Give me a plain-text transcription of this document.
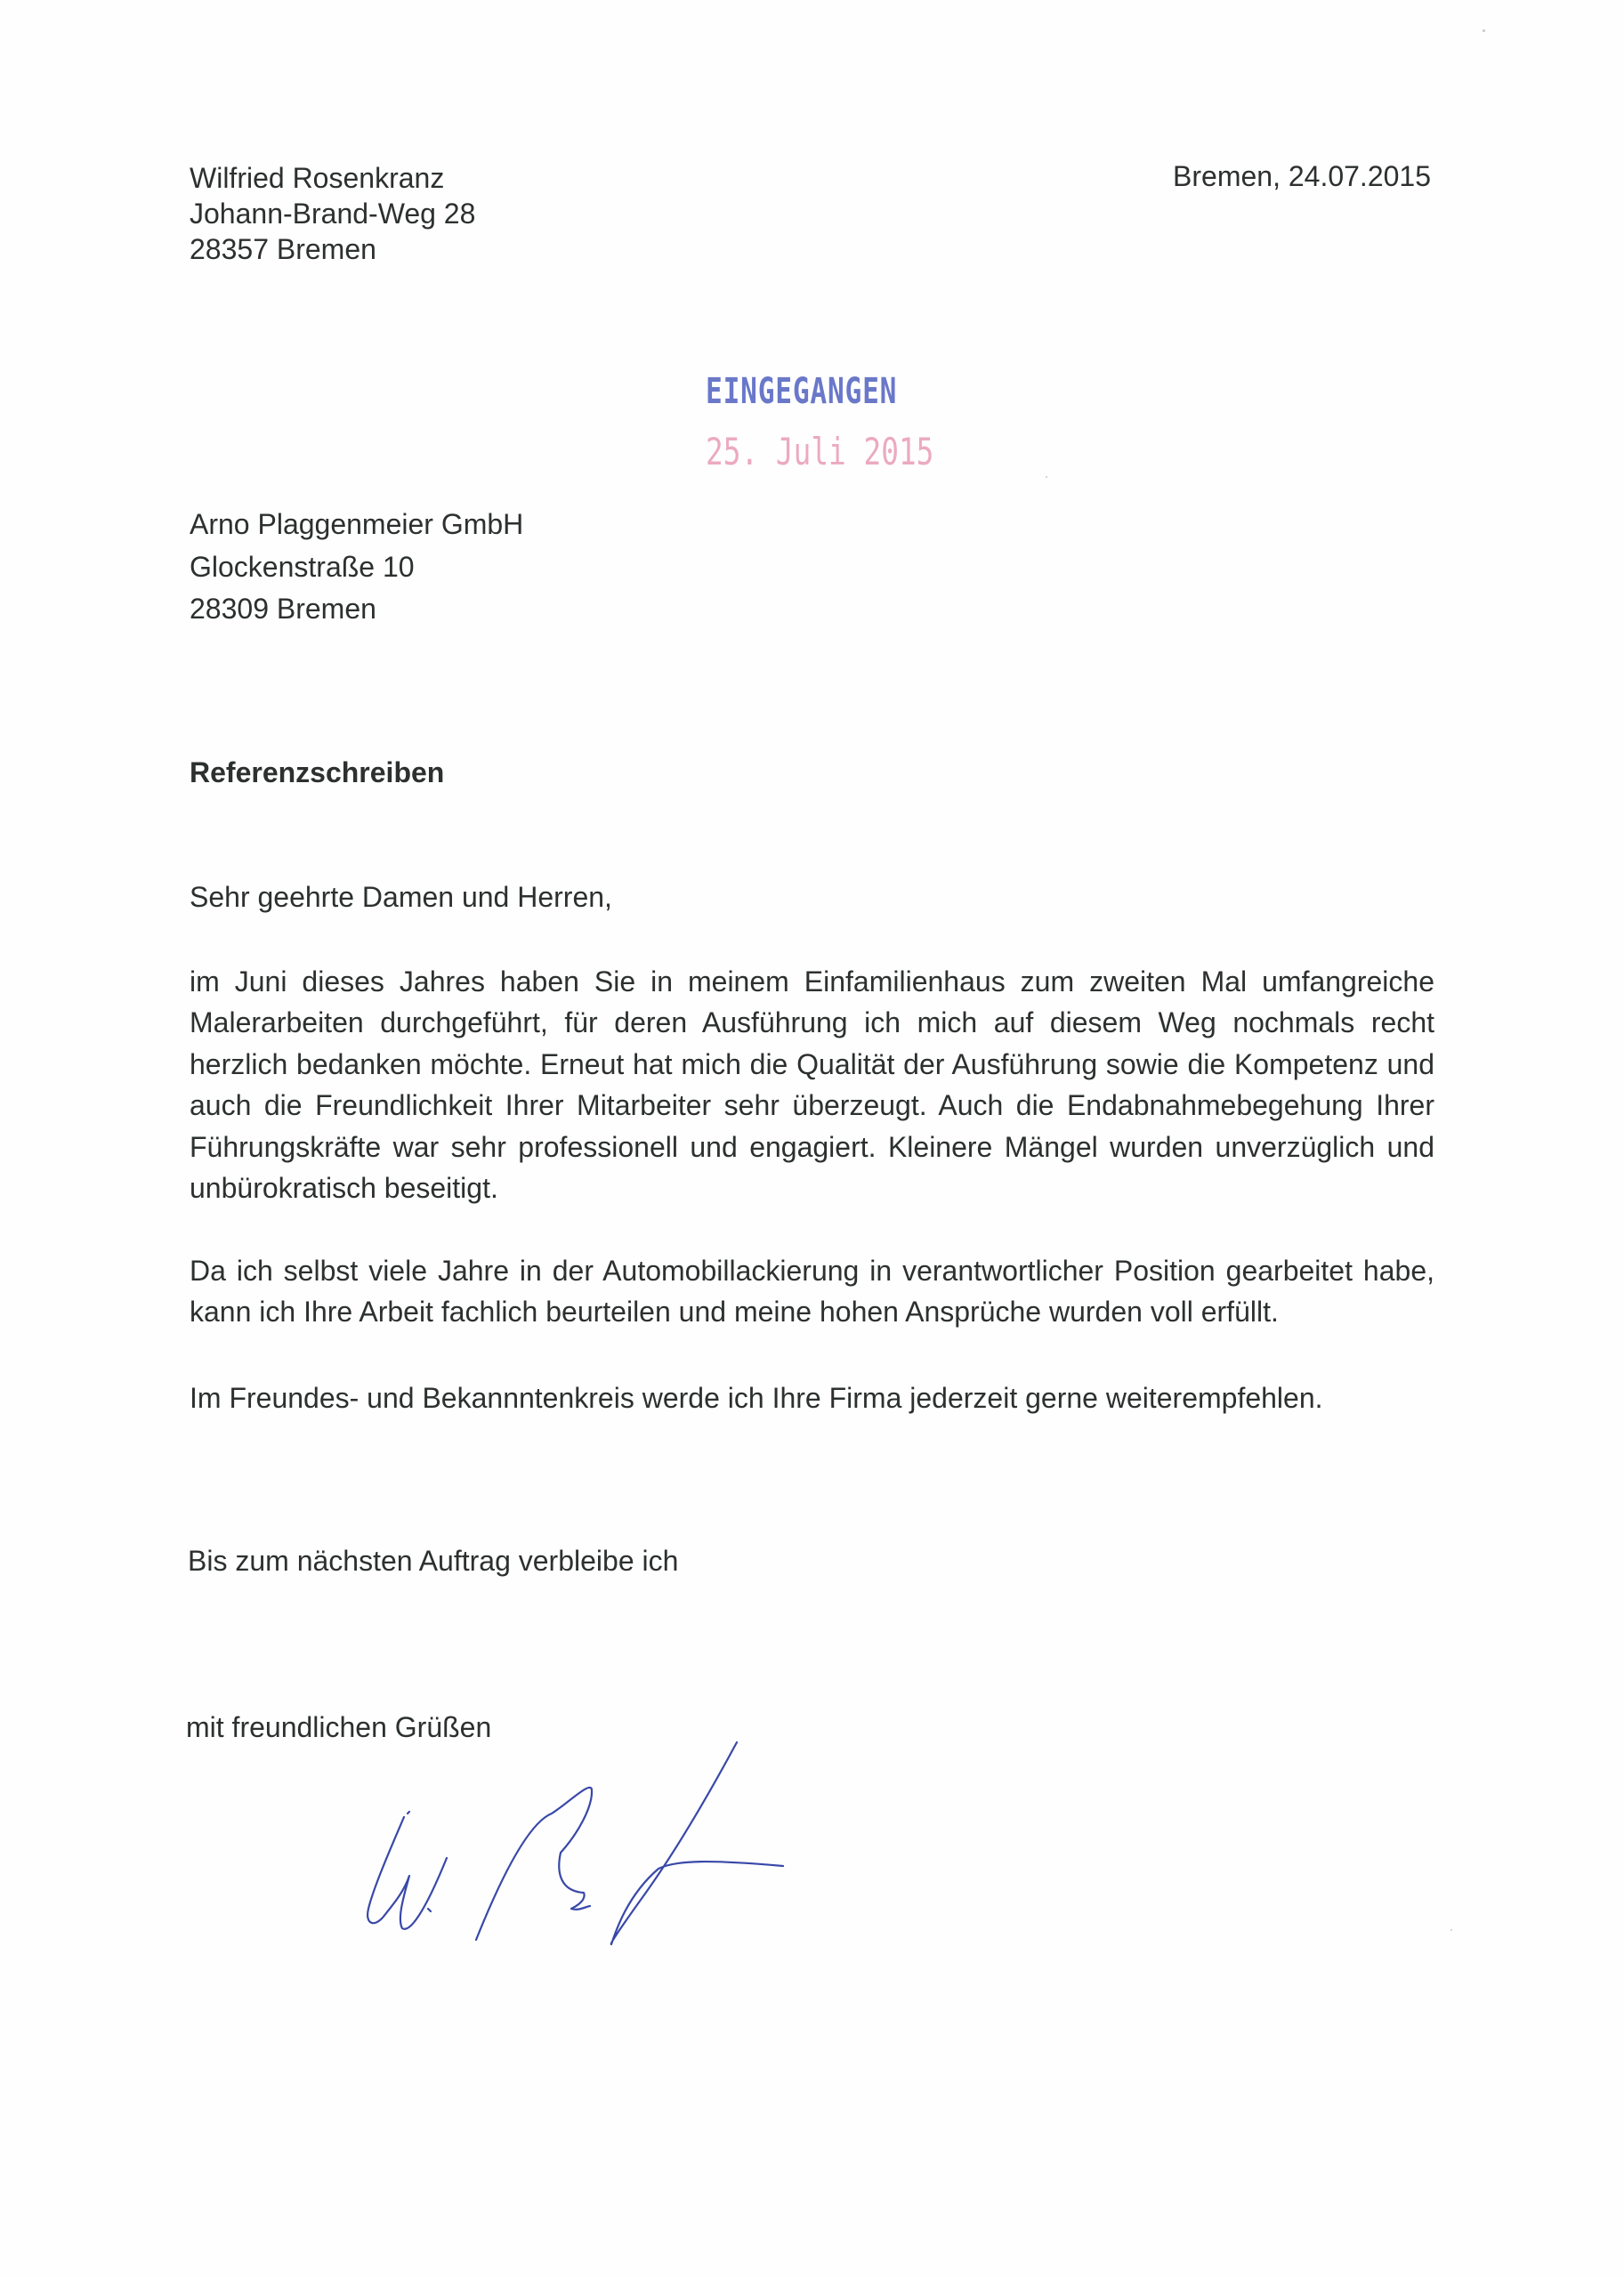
Wilfried Rosenkranz
Johann-Brand-Weg 28
28357 Bremen
Bremen, 24.07.2015
EINGEGANGEN
25. Juli 2015
Arno Plaggenmeier GmbH
Glockenstraße 10
28309 Bremen
Referenzschreiben
Sehr geehrte Damen und Herren,
im Juni dieses Jahres haben Sie in meinem Einfamilienhaus zum zweiten Mal umfangreiche Malerarbeiten durchgeführt, für deren Ausführung ich mich auf diesem Weg nochmals recht herzlich bedanken möchte. Erneut hat mich die Qualität der Ausführung sowie die Kompetenz und auch die Freundlichkeit Ihrer Mitarbeiter sehr überzeugt. Auch die Endabnahmebegehung Ihrer Führungskräfte war sehr professionell und engagiert. Kleinere Mängel wurden unverzüglich und unbürokratisch beseitigt.
Da ich selbst viele Jahre in der Automobillackierung in verantwortlicher Position gearbeitet habe, kann ich Ihre Arbeit fachlich beurteilen und meine hohen Ansprüche wurden voll erfüllt.
Im Freundes- und Bekannntenkreis werde ich Ihre Firma jederzeit gerne weiterempfehlen.
Bis zum nächsten Auftrag verbleibe ich
mit freundlichen Grüßen
